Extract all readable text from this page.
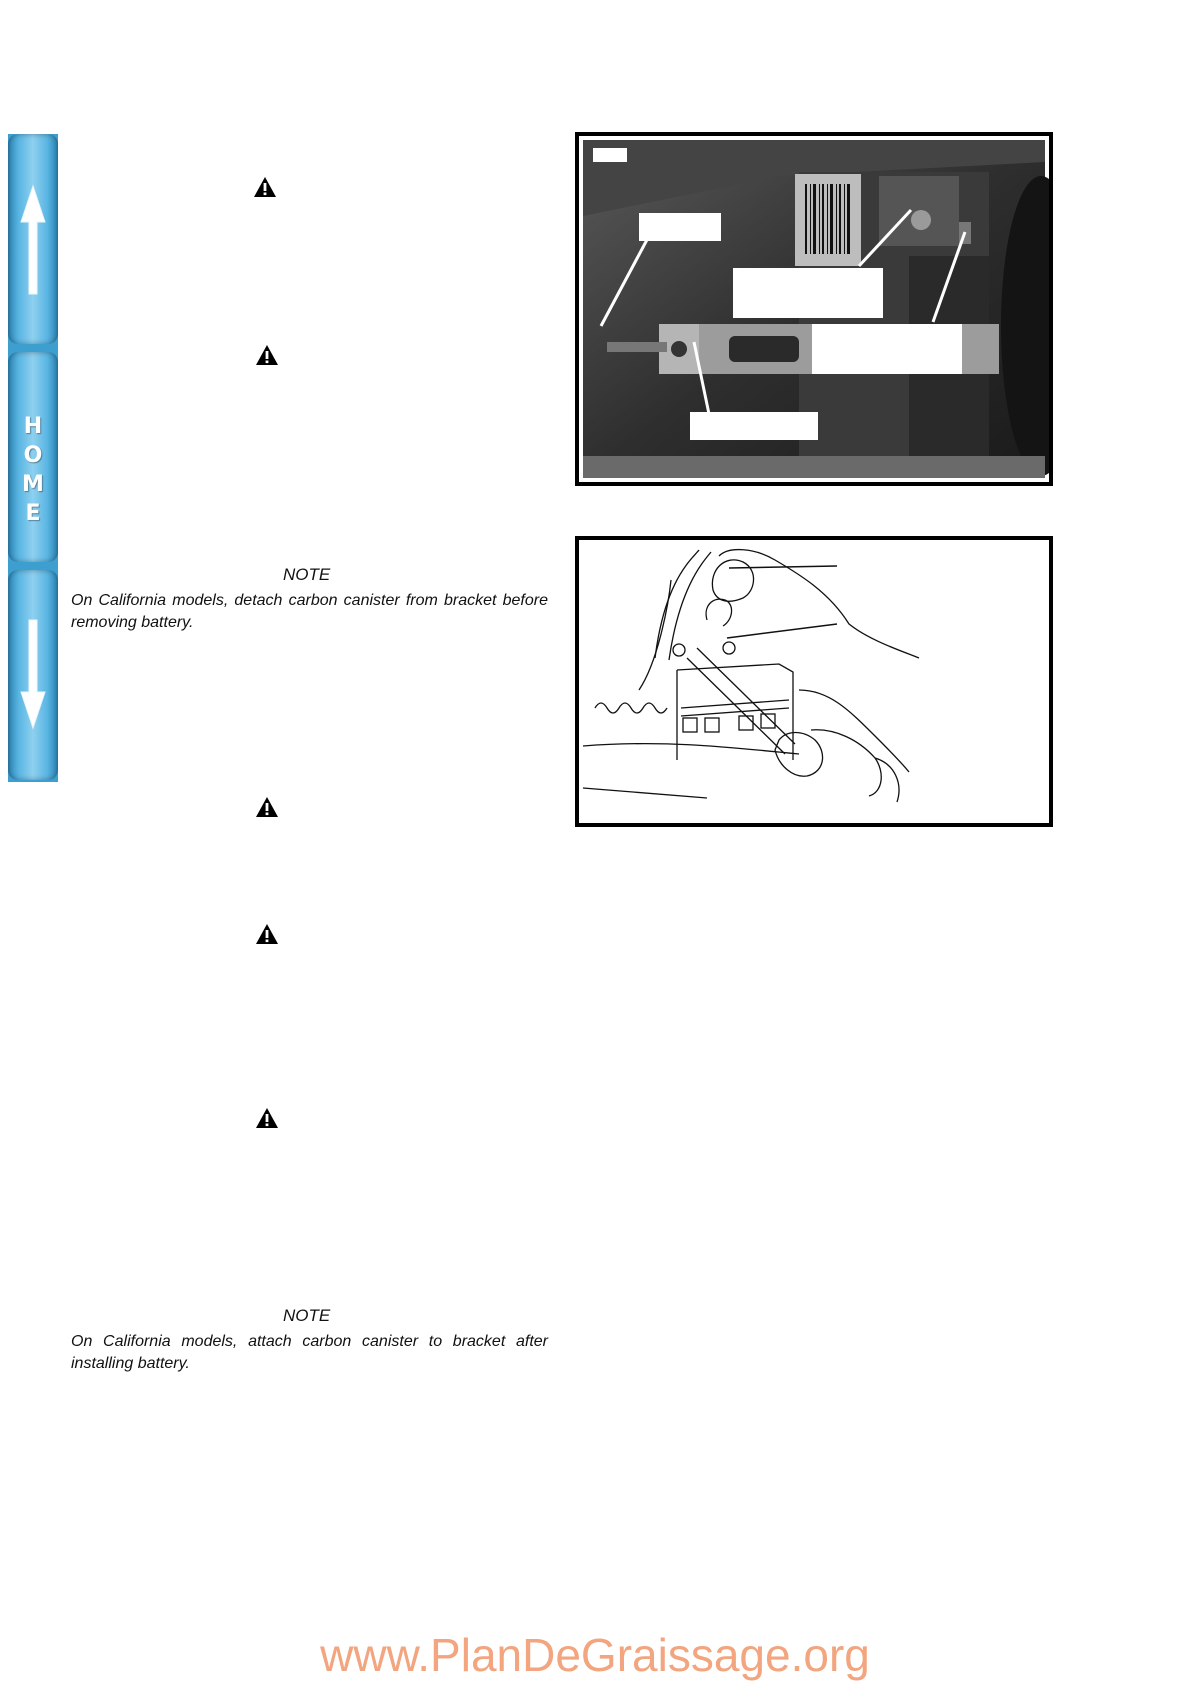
H
O
M
E
NOTE
On California models, detach carbon canister from bracket before removing battery.
NOTE
On California models, attach carbon canister to bracket after installing battery.
www.PlanDeGraissage.org
